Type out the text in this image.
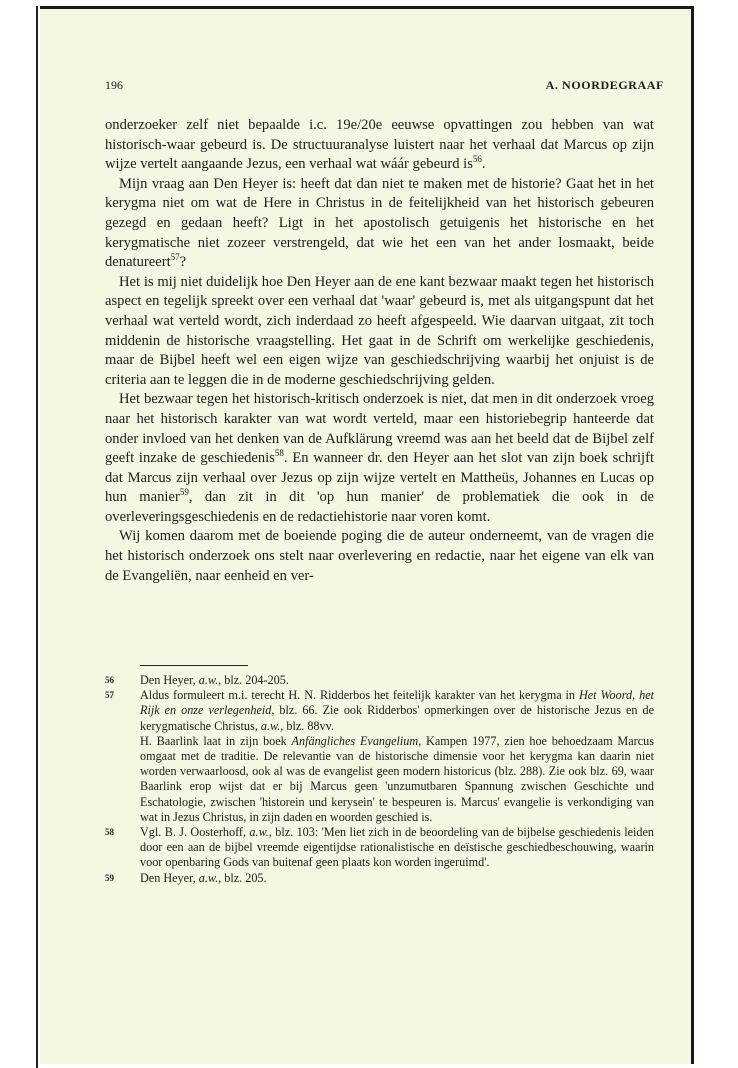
196	A. NOORDEGRAAF

onderzoeker zelf niet bepaalde i.c. 19e/20e eeuwse opvattingen zou hebben van wat historisch-waar gebeurd is. De structuuranalyse luistert naar het verhaal dat Marcus op zijn wijze vertelt aangaande Jezus, een verhaal wat wáár gebeurd $is^{56}$.

Mijn vraag aan Den Heyer is: heeft dat dan niet te maken met de historie? Gaat het in het kerygma niet om wat de Here in Christus in de feitelijkheid van het historisch gebeuren gezegd en gedaan heeft? Ligt in het apostolisch getuigenis het historische en het kerygmatische niet zozeer verstrengeld, dat wie het een van het ander losmaakt, beide denatureert$^{57}$?

Het is mij niet duidelijk hoe Den Heyer aan de ene kant bezwaar maakt tegen het historisch aspect en tegelijk spreekt over een verhaal dat 'waar' gebeurd is, met als uitgangspunt dat het verhaal wat verteld wordt, zich inderdaad zo heeft afgespeeld. Wie daarvan uitgaat, zit toch middenin de historische vraagstelling. Het gaat in de Schrift om werkelijke geschiedenis, maar de Bijbel heeft wel een eigen wijze van geschiedschrijving waarbij het onjuist is de criteria aan te leggen die in de moderne geschiedschrijving gelden.

Het bezwaar tegen het historisch-kritisch onderzoek is niet, dat men in dit onderzoek vroeg naar het historisch karakter van wat wordt verteld, maar een historiebegrip hanteerde dat onder invloed van het denken van de Aufklärung vreemd was aan het beeld dat de Bijbel zelf geeft inzake de geschiedenis$^{58}$. En wanneer dr. den Heyer aan het slot van zijn boek schrijft dat Marcus zijn verhaal over Jezus op zijn wijze vertelt en Mattheüs, Johannes en Lucas op hun manier$^{59}$, dan zit in dit 'op hun manier' de problematiek die ook in de overleveringsgeschiedenis en de redactiehistorie naar voren komt.

Wij komen daarom met de boeiende poging die de auteur onderneemt, van de vragen die het historisch onderzoek ons stelt naar overlevering en redactie, naar het eigene van elk van de Evangeliën, naar eenheid en ver-

56 Den Heyer, a.w., blz. 204-205.

57 Aldus formuleert m.i. terecht H. N. Ridderbos het feitelijk karakter van het kerygma in Het Woord, het Rijk en onze verlegenheid, blz. 66. Zie ook Ridderbos' opmerkingen over de historische Jezus en de kerygmatische Christus, a.w., blz. 88vv.

H. Baarlink laat in zijn boek Anfängliches Evangelium, Kampen 1977, zien hoe behoedzaam Marcus omgaat met de traditie. De relevantie van de historische dimensie voor het kerygma kan daarin niet worden verwaarloosd, ook al was de evangelist geen modern historicus (blz. 288). Zie ook blz. 69, waar Baarlink erop wijst dat er bij Marcus geen 'unzumutbaren Spannung zwischen Geschichte und Eschatologie, zwischen 'historein und kerysein' te bespeuren is. Marcus' evangelie is verkondiging van wat in Jezus Christus, in zijn daden en woorden geschied is.

58 Vgl. B. J. Oosterhoff, a.w., blz. 103: 'Men liet zich in de beoordeling van de bijbelse geschiedenis leiden door een aan de bijbel vreemde eigentijdse rationalistische en deïstische geschiedbeschouwing, waarin voor openbaring Gods van buitenaf geen plaats kon worden ingeruimd'.

59 Den Heyer, a.w., blz. 205.
